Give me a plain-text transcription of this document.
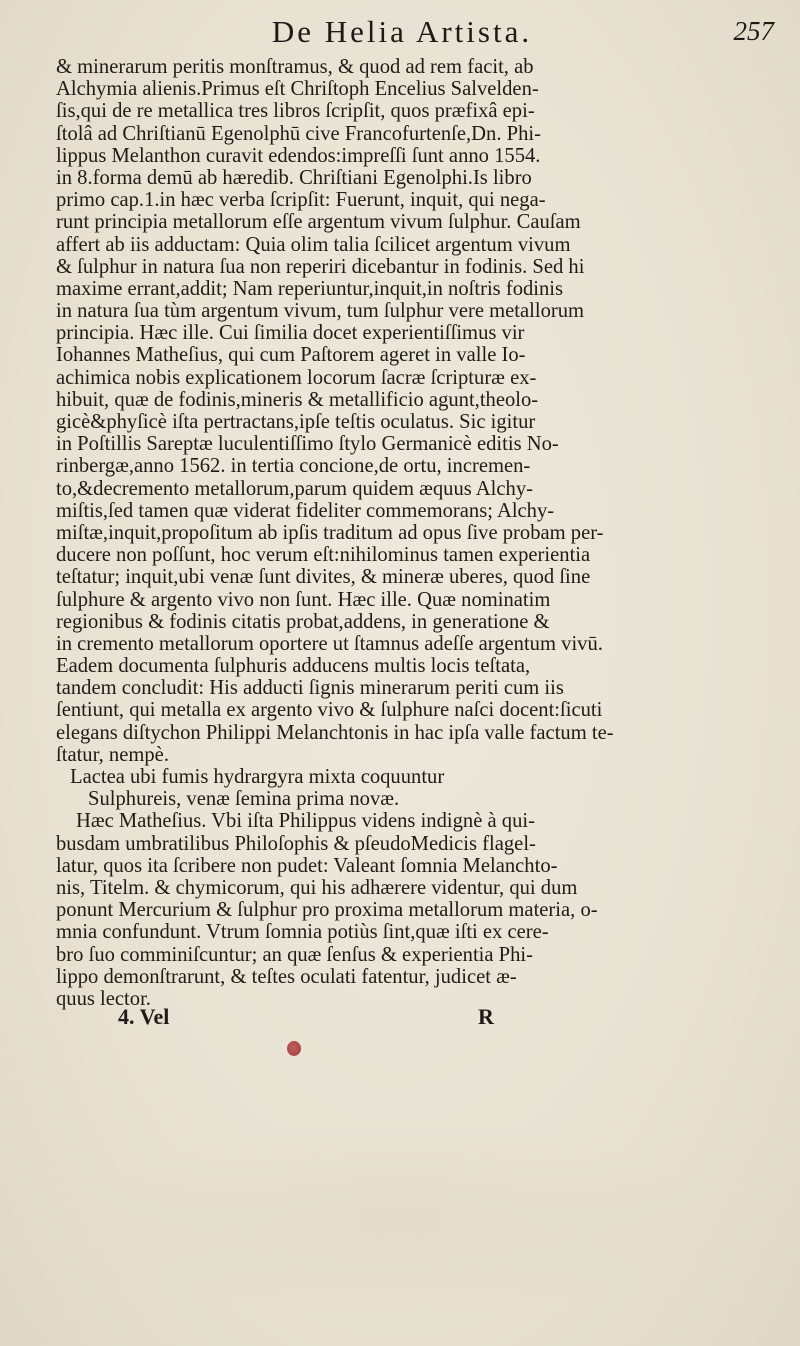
De Helia Artista.	257
& minerarum peritis monſtramus, & quod ad rem facit, ab
Alchymia alienis.Primus eſt Chriſtoph Encelius Salvelden-
ſis,qui de re metallica tres libros ſcripſit, quos præfixâ epi-
ſtolâ ad Chriſtianū Egenolphū cive Francofurtenſe,Dn. Phi-
lippus Melanthon curavit edendos:impreſſi ſunt anno 1554.
in 8.forma demū ab hæredib. Chriſtiani Egenolphi.Is libro
primo cap.1.in hæc verba ſcripſit: Fuerunt, inquit, qui nega-
runt principia metallorum eſſe argentum vivum ſulphur. Cauſam
affert ab iis adductam: Quia olim talia ſcilicet argentum vivum
& ſulphur in natura ſua non reperiri dicebantur in fodinis. Sed hi
maxime errant,addit; Nam reperiuntur,inquit,in noſtris fodinis
in natura ſua tùm argentum vivum, tum ſulphur vere metallorum
principia. Hæc ille. Cui ſimilia docet experientiſſimus vir
Iohannes Matheſius, qui cum Paſtorem ageret in valle Io-
achimica nobis explicationem locorum ſacræ ſcripturæ ex-
hibuit, quæ de fodinis,mineris & metallificio agunt,theolo-
gicè&phyſicè iſta pertractans,ipſe teſtis oculatus. Sic igitur
in Poſtillis Sareptæ luculentiſſimo ſtylo Germanicè editis No-
rinbergæ,anno 1562. in tertia concione,de ortu, incremen-
to,&decremento metallorum,parum quidem æquus Alchy-
miſtis,ſed tamen quæ viderat fideliter commemorans; Alchy-
miſtæ,inquit,propoſitum ab ipſis traditum ad opus ſive probam per-
ducere non poſſunt, hoc verum eſt:nihilominus tamen experientia
teſtatur; inquit,ubi venæ ſunt divites, & mineræ uberes, quod ſine
ſulphure & argento vivo non ſunt. Hæc ille. Quæ nominatim
regionibus & fodinis citatis probat,addens, in generatione &
in cremento metallorum oportere ut ſtamnus adeſſe argentum vivū.
Eadem documenta ſulphuris adducens multis locis teſtata,
tandem concludit: His adducti ſignis minerarum periti cum iis
ſentiunt, qui metalla ex argento vivo & ſulphure naſci docent:ſicuti
elegans diſtychon Philippi Melanchtonis in hac ipſa valle factum te-
ſtatur, nempè.
Lactea ubi fumis hydrargyra mixta coquuntur
Sulphureis, venæ ſemina prima novæ.
Hæc Matheſius. Vbi iſta Philippus videns indignè à qui-
busdam umbratilibus Philoſophis & pſeudoMedicis flagel-
latur, quos ita ſcribere non pudet: Valeant ſomnia Melanchto-
nis, Titelm. & chymicorum, qui his adhærere videntur, qui dum
ponunt Mercurium & ſulphur pro proxima metallorum materia, o-
mnia confundunt. Vtrum ſomnia potiùs ſint,quæ iſti ex cere-
bro ſuo comminiſcuntur; an quæ ſenſus & experientia Phi-
lippo demonſtrarunt, & teſtes oculati fatentur, judicet æ-
quus lector.
4. Vel	R
